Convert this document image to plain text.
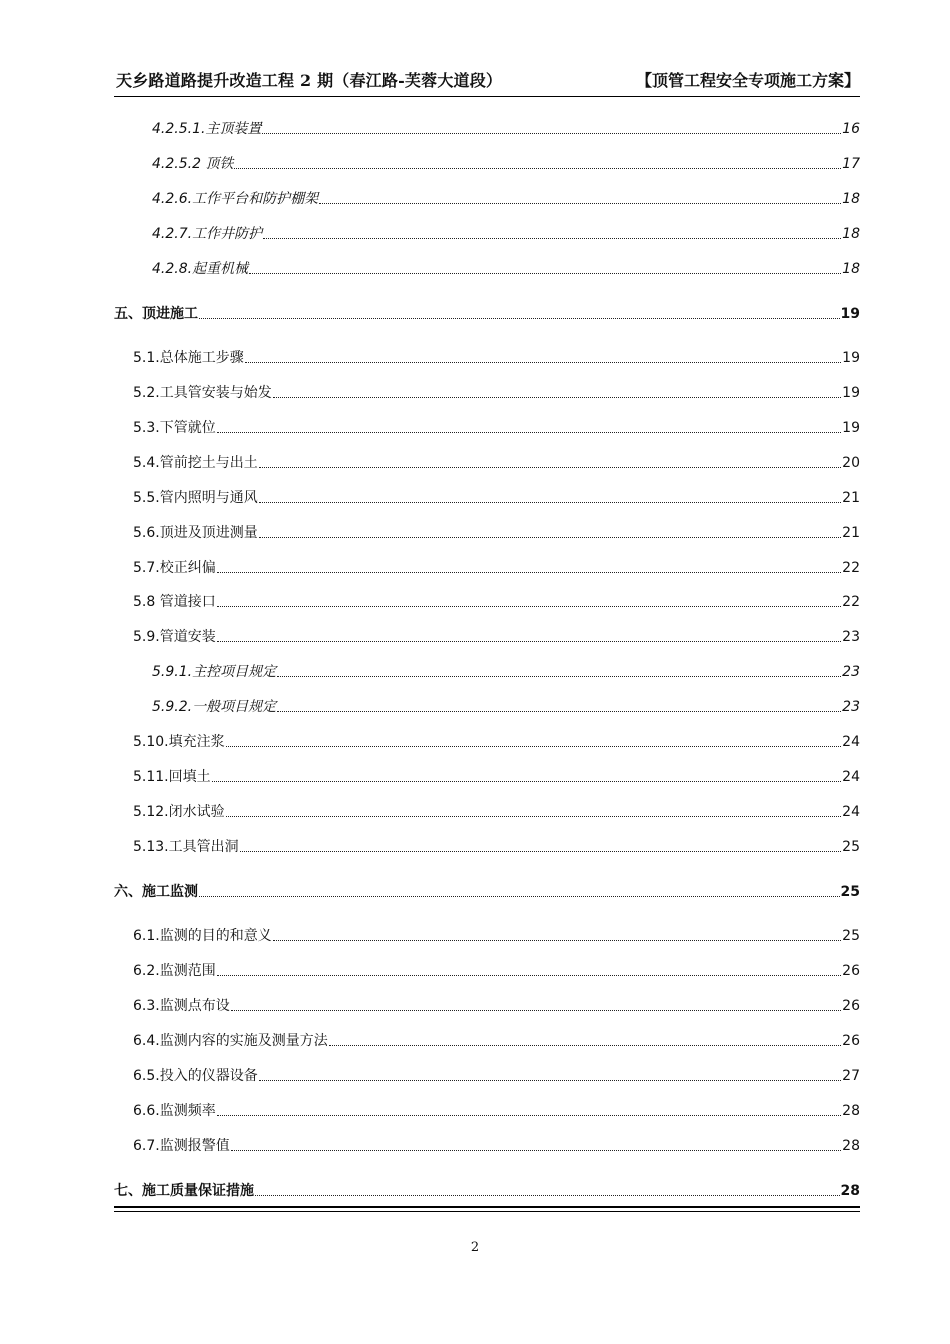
天乡路道路提升改造工程 2 期（春江路-芙蓉大道段）	【顶管工程安全专项施工方案】
4.2.5.1.主顶装置	16
4.2.5.2 顶铁	17
4.2.6.工作平台和防护棚架	18
4.2.7.工作井防护	18
4.2.8.起重机械	18
五、顶进施工	19
5.1.总体施工步骤	19
5.2.工具管安装与始发	19
5.3.下管就位	19
5.4.管前挖土与出土	20
5.5.管内照明与通风	21
5.6.顶进及顶进测量	21
5.7.校正纠偏	22
5.8 管道接口	22
5.9.管道安装	23
5.9.1.主控项目规定	23
5.9.2.一般项目规定	23
5.10.填充注浆	24
5.11.回填土	24
5.12.闭水试验	24
5.13.工具管出洞	25
六、施工监测	25
6.1.监测的目的和意义	25
6.2.监测范围	26
6.3.监测点布设	26
6.4.监测内容的实施及测量方法	26
6.5.投入的仪器设备	27
6.6.监测频率	28
6.7.监测报警值	28
七、施工质量保证措施	28
2
